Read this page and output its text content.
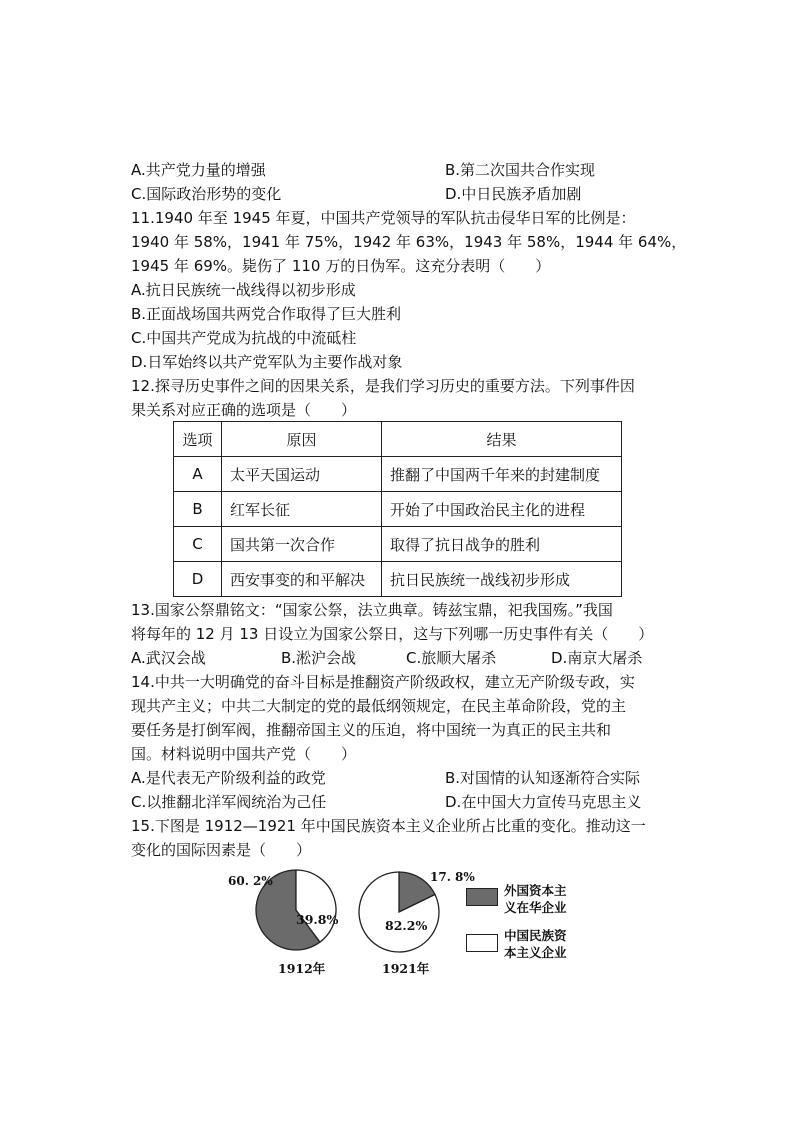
A.共产党力量的增强	B.第二次国共合作实现
C.国际政治形势的变化	D.中日民族矛盾加剧
11.1940 年至 1945 年夏，中国共产党领导的军队抗击侵华日军的比例是：
1940 年 58%，1941 年 75%，1942 年 63%，1943 年 58%，1944 年 64%，
1945 年 69%。毙伤了 110 万的日伪军。这充分表明（　　）
A.抗日民族统一战线得以初步形成
B.正面战场国共两党合作取得了巨大胜利
C.中国共产党成为抗战的中流砥柱
D.日军始终以共产党军队为主要作战对象
12.探寻历史事件之间的因果关系，是我们学习历史的重要方法。下列事件因
果关系对应正确的选项是（　　）
选项	原因	结果
A	太平天国运动	推翻了中国两千年来的封建制度
B	红军长征	开始了中国政治民主化的进程
C	国共第一次合作	取得了抗日战争的胜利
D	西安事变的和平解决	抗日民族统一战线初步形成
13.国家公祭鼎铭文：“国家公祭，法立典章。铸兹宝鼎，祀我国殇。”我国
将每年的 12 月 13 日设立为国家公祭日，这与下列哪一历史事件有关（　　）
A.武汉会战	B.淞沪会战	C.旅顺大屠杀	D.南京大屠杀
14.中共一大明确党的奋斗目标是推翻资产阶级政权，建立无产阶级专政，实
现共产主义；中共二大制定的党的最低纲领规定，在民主革命阶段，党的主
要任务是打倒军阀，推翻帝国主义的压迫，将中国统一为真正的民主共和
国。材料说明中国共产党（　　）
A.是代表无产阶级利益的政党	B.对国情的认知逐渐符合实际
C.以推翻北洋军阀统治为己任	D.在中国大力宣传马克思主义
15.下图是 1912—1921 年中国民族资本主义企业所占比重的变化。推动这一
变化的国际因素是（　　）
60. 2%
39.8%
1912年
17. 8%
82.2%
1921年
外国资本主
义在华企业
中国民族资
本主义企业
